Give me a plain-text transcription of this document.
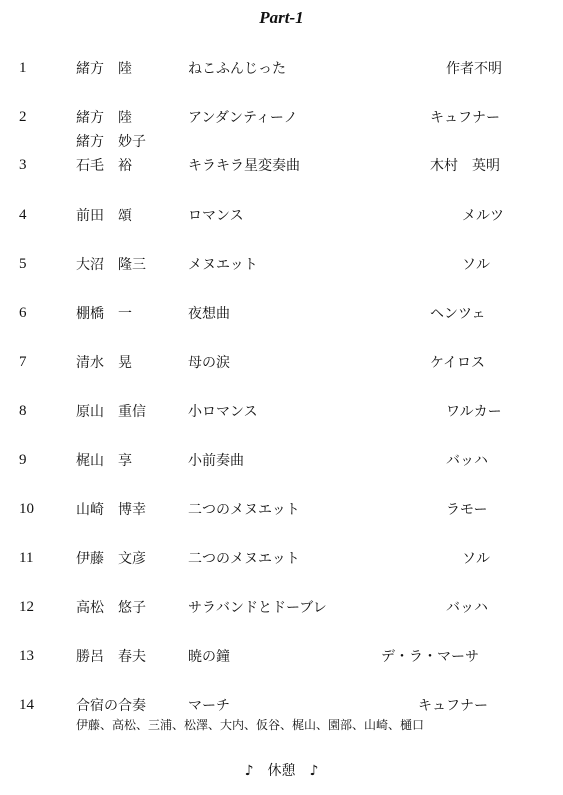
Part-1
1	緒方　陸	ねこふんじった	作者不明
2	緒方　陸	アンダンティーノ	キュフナー
緒方　妙子
3	石毛　裕	キラキラ星変奏曲	木村　英明
4	前田　頌	ロマンス	メルツ
5	大沼　隆三	メヌエット	ソル
6	棚橋　一	夜想曲	ヘンツェ
7	清水　晃	母の涙	ケイロス
8	原山　重信	小ロマンス	ワルカー
9	梶山　享	小前奏曲	バッハ
10	山崎　博幸	二つのメヌエット	ラモー
11	伊藤　文彦	二つのメヌエット	ソル
12	高松　悠子	サラバンドとドーブレ	バッハ
13	勝呂　春夫	暁の鐘	デ・ラ・マーサ
14	合宿の合奏	マーチ	キュフナー
伊藤、高松、三浦、松澤、大内、仮谷、梶山、園部、山崎、樋口
♪　休憩　♪
